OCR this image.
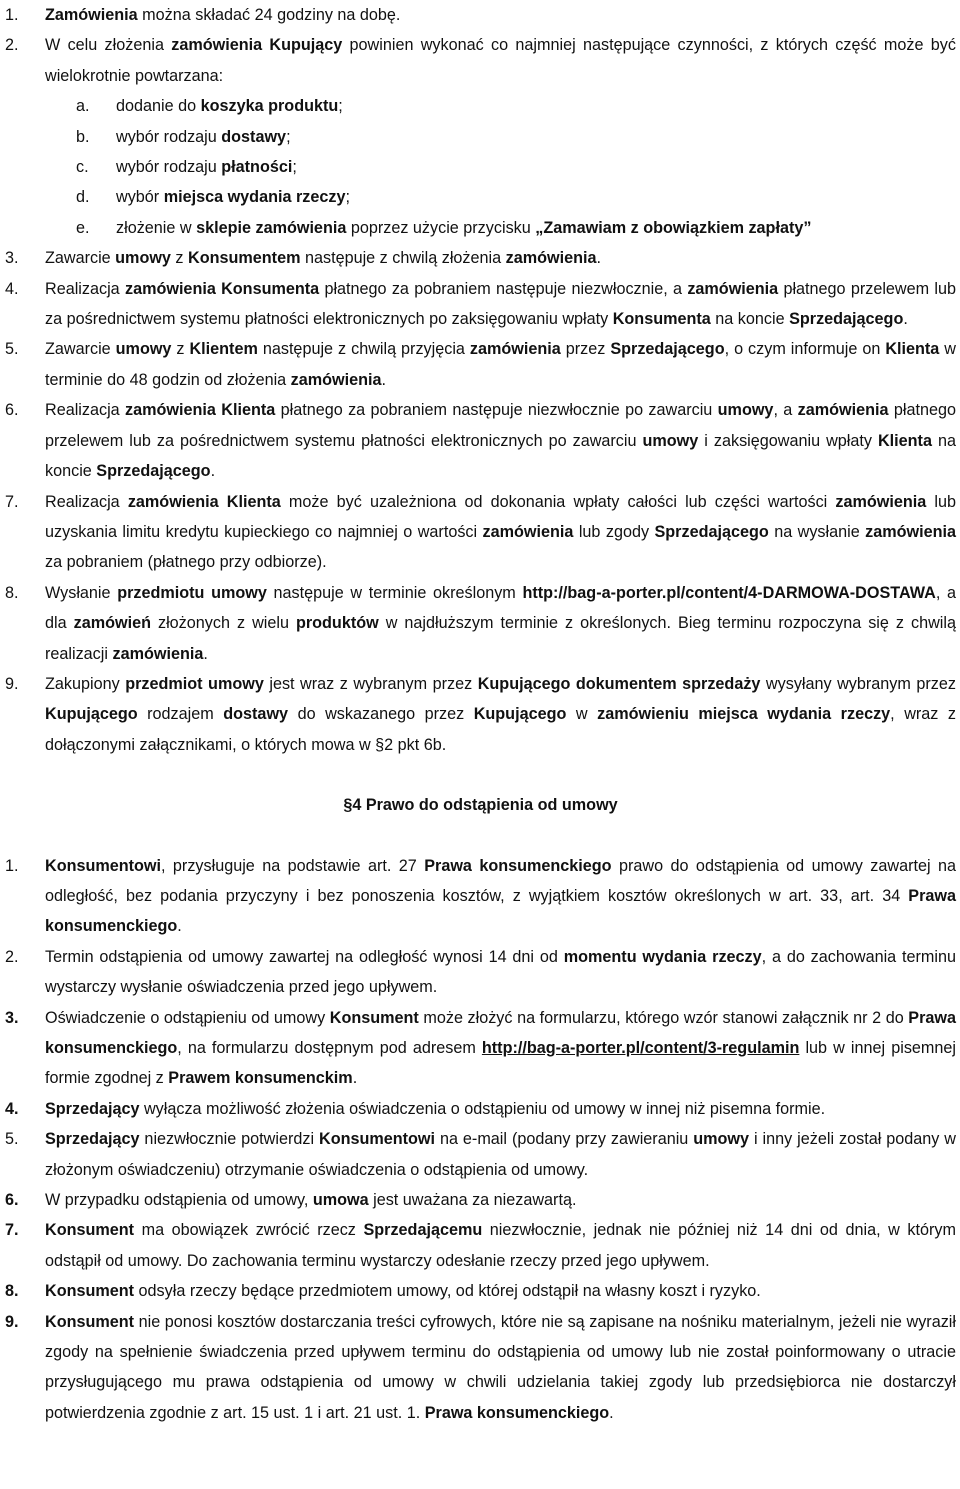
1. Zamówienia można składać 24 godziny na dobę.
2. W celu złożenia zamówienia Kupujący powinien wykonać co najmniej następujące czynności, z których część może być wielokrotnie powtarzana:
a. dodanie do koszyka produktu;
b. wybór rodzaju dostawy;
c. wybór rodzaju płatności;
d. wybór miejsca wydania rzeczy;
e. złożenie w sklepie zamówienia poprzez użycie przycisku „Zamawiam z obowiązkiem zapłaty”
3. Zawarcie umowy z Konsumentem następuje z chwilą złożenia zamówienia.
4. Realizacja zamówienia Konsumenta płatnego za pobraniem następuje niezwłocznie, a zamówienia płatnego przelewem lub za pośrednictwem systemu płatności elektronicznych po zaksięgowaniu wpłaty Konsumenta na koncie Sprzedającego.
5. Zawarcie umowy z Klientem następuje z chwilą przyjęcia zamówienia przez Sprzedającego, o czym informuje on Klienta w terminie do 48 godzin od złożenia zamówienia.
6. Realizacja zamówienia Klienta płatnego za pobraniem następuje niezwłocznie po zawarciu umowy, a zamówienia płatnego przelewem lub za pośrednictwem systemu płatności elektronicznych po zawarciu umowy i zaksięgowaniu wpłaty Klienta na koncie Sprzedającego.
7. Realizacja zamówienia Klienta może być uzależniona od dokonania wpłaty całości lub części wartości zamówienia lub uzyskania limitu kredytu kupieckiego co najmniej o wartości zamówienia lub zgody Sprzedającego na wysłanie zamówienia za pobraniem (płatnego przy odbiorze).
8. Wysłanie przedmiotu umowy następuje w terminie określonym http://bag-a-porter.pl/content/4-DARMOWA-DOSTAWA, a dla zamówień złożonych z wielu produktów w najdłuższym terminie z określonych. Bieg terminu rozpoczyna się z chwilą realizacji zamówienia.
9. Zakupiony przedmiot umowy jest wraz z wybranym przez Kupującego dokumentem sprzedaży wysyłany wybranym przez Kupującego rodzajem dostawy do wskazanego przez Kupującego w zamówieniu miejsca wydania rzeczy, wraz z dołączonymi załącznikami, o których mowa w §2 pkt 6b.
§4 Prawo do odstąpienia od umowy
1. Konsumentowi, przysługuje na podstawie art. 27 Prawa konsumenckiego prawo do odstąpienia od umowy zawartej na odległość, bez podania przyczyny i bez ponoszenia kosztów, z wyjątkiem kosztów określonych w art. 33, art. 34 Prawa konsumenckiego.
2. Termin odstąpienia od umowy zawartej na odległość wynosi 14 dni od momentu wydania rzeczy, a do zachowania terminu wystarczy wysłanie oświadczenia przed jego upływem.
3. Oświadczenie o odstąpieniu od umowy Konsument może złożyć na formularzu, którego wzór stanowi załącznik nr 2 do Prawa konsumenckiego, na formularzu dostępnym pod adresem http://bag-a-porter.pl/content/3-regulamin lub w innej pisemnej formie zgodnej z Prawem konsumenckim.
4. Sprzedający wyłącza możliwość złożenia oświadczenia o odstąpieniu od umowy w innej niż pisemna formie.
5. Sprzedający niezwłocznie potwierdzi Konsumentowi na e-mail (podany przy zawieraniu umowy i inny jeżeli został podany w złożonym oświadczeniu) otrzymanie oświadczenia o odstąpienia od umowy.
6. W przypadku odstąpienia od umowy, umowa jest uważana za niezawartą.
7. Konsument ma obowiązek zwrócić rzecz Sprzedającemu niezwłocznie, jednak nie później niż 14 dni od dnia, w którym odstąpił od umowy. Do zachowania terminu wystarczy odesłanie rzeczy przed jego upływem.
8. Konsument odsyła rzeczy będące przedmiotem umowy, od której odstąpił na własny koszt i ryzyko.
9. Konsument nie ponosi kosztów dostarczania treści cyfrowych, które nie są zapisane na nośniku materialnym, jeżeli nie wyraził zgody na spełnienie świadczenia przed upływem terminu do odstąpienia od umowy lub nie został poinformowany o utracie przysługującego mu prawa odstąpienia od umowy w chwili udzielania takiej zgody lub przedsiębiorca nie dostarczył potwierdzenia zgodnie z art. 15 ust. 1 i art. 21 ust. 1. Prawa konsumenckiego.
